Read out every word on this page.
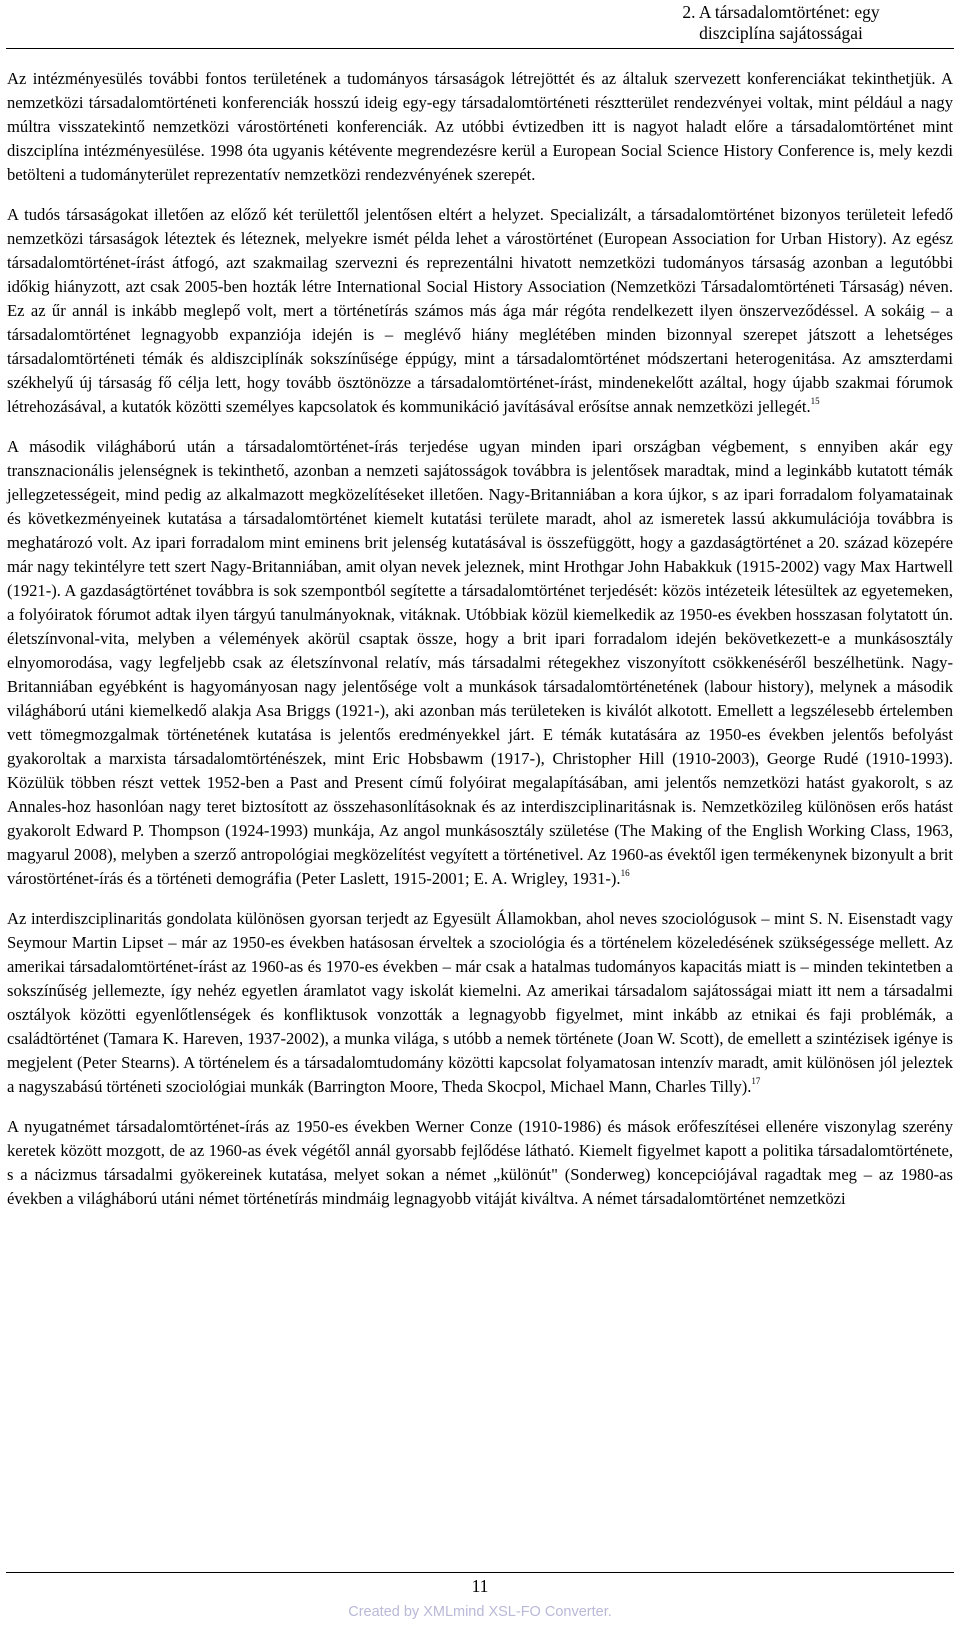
2. A társadalomtörténet: egy
diszciplína sajátosságai

Az intézményesülés további fontos területének a tudományos társaságok létrejöttét és az általuk szervezett konferenciákat tekinthetjük. A nemzetközi társadalomtörténeti konferenciák hosszú ideig egy-egy társadalomtörténeti résztterület rendezvényei voltak, mint például a nagy múltra visszatekintő nemzetközi várostörténeti konferenciák. Az utóbbi évtizedben itt is nagyot haladt előre a társadalomtörténet mint diszciplína intézményesülése. 1998 óta ugyanis kétévente megrendezésre kerül a European Social Science History Conference is, mely kezdi betölteni a tudományterület reprezentatív nemzetközi rendezvényének szerepét.

A tudós társaságokat illetően az előző két területtől jelentősen eltért a helyzet. Specializált, a társadalomtörténet bizonyos területeit lefedő nemzetközi társaságok léteztek és léteznek, melyekre ismét példa lehet a várostörténet (European Association for Urban History). Az egész társadalomtörténet-írást átfogó, azt szakmailag szervezni és reprezentálni hivatott nemzetközi tudományos társaság azonban a legutóbbi időkig hiányzott, azt csak 2005-ben hozták létre International Social History Association (Nemzetközi Társadalomtörténeti Társaság) néven. Ez az űr annál is inkább meglepő volt, mert a történetírás számos más ága már régóta rendelkezett ilyen önszerveződéssel. A sokáig – a társadalomtörténet legnagyobb expanziója idején is – meglévő hiány meglétében minden bizonnyal szerepet játszott a lehetséges társadalomtörténeti témák és aldiszciplínák sokszínűsége éppúgy, mint a társadalomtörténet módszertani heterogenitása. Az amszterdami székhelyű új társaság fő célja lett, hogy tovább ösztönözze a társadalomtörténet-írást, mindenekelőtt azáltal, hogy újabb szakmai fórumok létrehozásával, a kutatók közötti személyes kapcsolatok és kommunikáció javításával erősítse annak nemzetközi jellegét.$^{15}$

A második világháború után a társadalomtörténet-írás terjedése ugyan minden ipari országban végbement, s ennyiben akár egy transznacionális jelenségnek is tekinthető, azonban a nemzeti sajátosságok továbbra is jelentősek maradtak, mind a leginkább kutatott témák jellegzetességeit, mind pedig az alkalmazott megközelítéseket illetően. Nagy-Britanniában a kora újkor, s az ipari forradalom folyamatainak és következményeinek kutatása a társadalomtörténet kiemelt kutatási területe maradt, ahol az ismeretek lassú akkumulációja továbbra is meghatározó volt. Az ipari forradalom mint eminens brit jelenség kutatásával is összefüggött, hogy a gazdaságtörténet a 20. század közepére már nagy tekintélyre tett szert Nagy-Britanniában, amit olyan nevek jeleznek, mint Hrothgar John Habakkuk (1915-2002) vagy Max Hartwell (1921-). A gazdaságtörténet továbbra is sok szempontból segítette a társadalomtörténet terjedését: közös intézeteik létesültek az egyetemeken, a folyóiratok fórumot adtak ilyen tárgyú tanulmányoknak, vitáknak. Utóbbiak közül kiemelkedik az 1950-es években hosszasan folytatott ún. életszínvonal-vita, melyben a vélemények akörül csaptak össze, hogy a brit ipari forradalom idején bekövetkezett-e a munkásosztály elnyomorodása, vagy legfeljebb csak az életszínvonal relatív, más társadalmi rétegekhez viszonyított csökkenéséről beszélhetünk. Nagy-Britanniában egyébként is hagyományosan nagy jelentősége volt a munkások társadalomtörténetének (labour history), melynek a második világháború utáni kiemelkedő alakja Asa Briggs (1921-), aki azonban más területeken is kiválót alkotott. Emellett a legszélesebb értelemben vett tömegmozgalmak történetének kutatása is jelentős eredményekkel járt. E témák kutatására az 1950-es években jelentős befolyást gyakoroltak a marxista társadalomtörténészek, mint Eric Hobsbawm (1917-), Christopher Hill (1910-2003), George Rudé (1910-1993). Közülük többen részt vettek 1952-ben a Past and Present című folyóirat megalapításában, ami jelentős nemzetközi hatást gyakorolt, s az Annales-hoz hasonlóan nagy teret biztosított az összehasonlításoknak és az interdiszciplinaritásnak is. Nemzetközileg különösen erős hatást gyakorolt Edward P. Thompson (1924-1993) munkája, Az angol munkásosztály születése (The Making of the English Working Class, 1963, magyarul 2008), melyben a szerző antropológiai megközelítést vegyített a történetivel. Az 1960-as évektől igen termékenynek bizonyult a brit várostörténet-írás és a történeti demográfia (Peter Laslett, 1915-2001; E. A. Wrigley, 1931-).$^{16}$

Az interdiszciplinaritás gondolata különösen gyorsan terjedt az Egyesült Államokban, ahol neves szociológusok – mint S. N. Eisenstadt vagy Seymour Martin Lipset – már az 1950-es években hatásosan érveltek a szociológia és a történelem közeledésének szükségessége mellett. Az amerikai társadalomtörténet-írást az 1960-as és 1970-es években – már csak a hatalmas tudományos kapacitás miatt is – minden tekintetben a sokszínűség jellemezte, így nehéz egyetlen áramlatot vagy iskolát kiemelni. Az amerikai társadalom sajátosságai miatt itt nem a társadalmi osztályok közötti egyenlőtlenségek és konfliktusok vonzották a legnagyobb figyelmet, mint inkább az etnikai és faji problémák, a családtörténet (Tamara K. Hareven, 1937-2002), a munka világa, s utóbb a nemek története (Joan W. Scott), de emellett a szintézisek igénye is megjelent (Peter Stearns). A történelem és a társadalomtudomány közötti kapcsolat folyamatosan intenzív maradt, amit különösen jól jeleztek a nagyszabású történeti szociológiai munkák (Barrington Moore, Theda Skocpol, Michael Mann, Charles Tilly).$^{17}$

A nyugatnémet társadalomtörténet-írás az 1950-es években Werner Conze (1910-1986) és mások erőfeszítései ellenére viszonylag szerény keretek között mozgott, de az 1960-as évek végétől annál gyorsabb fejlődése látható. Kiemelt figyelmet kapott a politika társadalomtörténete, s a nácizmus társadalmi gyökereinek kutatása, melyet sokan a német „különút" (Sonderweg) koncepciójával ragadtak meg – az 1980-as években a világháború utáni német történetírás mindmáig legnagyobb vitáját kiváltva. A német társadalomtörténet nemzetközi

11
Created by XMLmind XSL-FO Converter.
